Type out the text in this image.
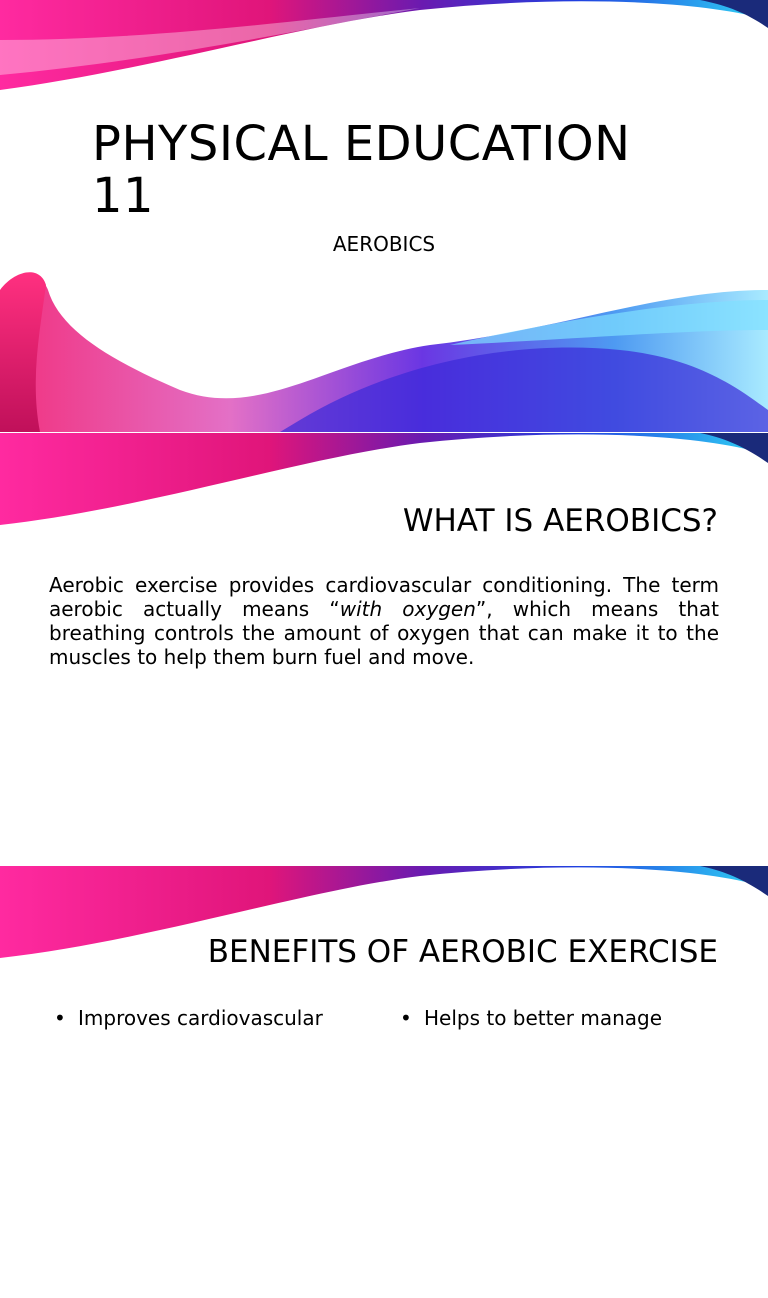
PHYSICAL EDUCATION 11

AEROBICS

WHAT IS AEROBICS?

Aerobic exercise provides cardiovascular conditioning. The term aerobic actually means “with oxygen”, which means that breathing controls the amount of oxygen that can make it to the muscles to help them burn fuel and move.

BENEFITS OF AEROBIC EXERCISE
• Improves cardiovascular
•	Helps to better manage
